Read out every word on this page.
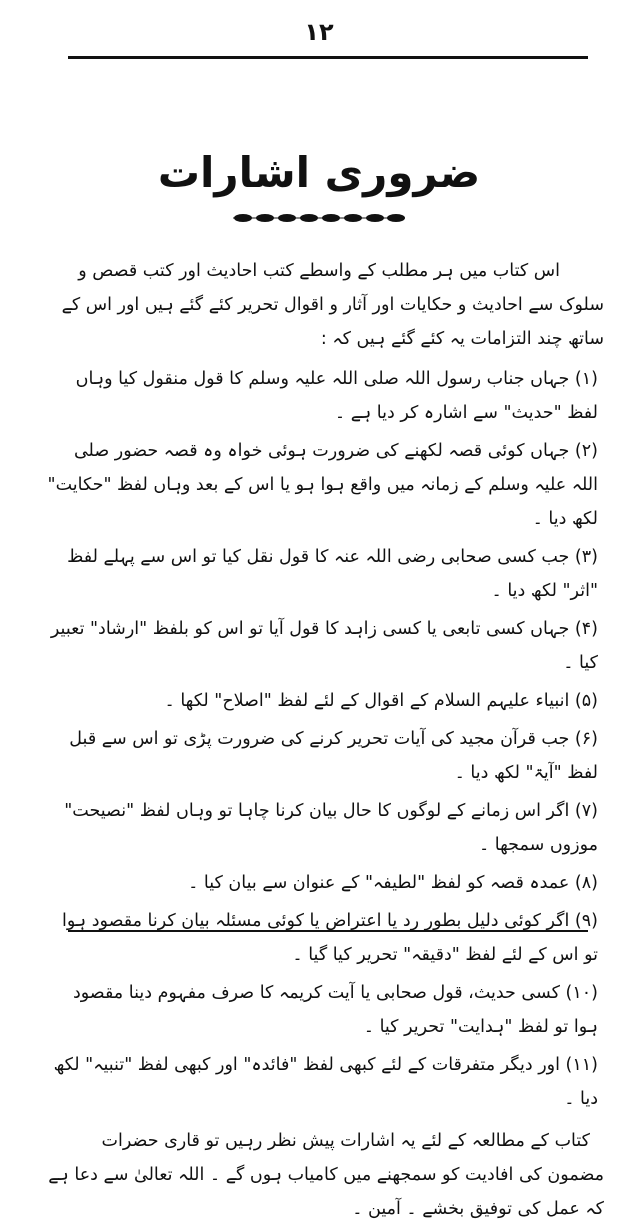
۱۲
ضروری اشارات

اس کتاب میں ہر مطلب کے واسطے کتب احادیث اور کتب قصص و سلوک سے احادیث و حکایات اور آثار و اقوال تحریر کئے گئے ہیں اور اس کے ساتھ چند التزامات یہ کئے گئے ہیں کہ :

(۱) جہاں جناب رسول اللہ صلی اللہ علیہ وسلم کا قول منقول کیا وہاں لفظ "حدیث" سے اشارہ کر دیا ہے ۔

(۲) جہاں کوئی قصہ لکھنے کی ضرورت ہوئی خواہ وہ قصہ حضور صلی اللہ علیہ وسلم کے زمانہ میں واقع ہوا ہو یا اس کے بعد وہاں لفظ "حکایت" لکھ دیا ۔

(۳) جب کسی صحابی رضی اللہ عنہ کا قول نقل کیا تو اس سے پہلے لفظ "اثر" لکھ دیا ۔

(۴) جہاں کسی تابعی یا کسی زاہد کا قول آیا تو اس کو بلفظ "ارشاد" تعبیر کیا ۔

(۵) انبیاء علیہم السلام کے اقوال کے لئے لفظ "اصلاح" لکھا ۔

(۶) جب قرآن مجید کی آیات تحریر کرنے کی ضرورت پڑی تو اس سے قبل لفظ "آیۃ" لکھ دیا ۔

(۷) اگر اس زمانے کے لوگوں کا حال بیان کرنا چاہا تو وہاں لفظ "نصیحت" موزوں سمجھا ۔

(۸) عمدہ قصہ کو لفظ "لطیفہ" کے عنوان سے بیان کیا ۔

(۹) اگر کوئی دلیل بطور رد یا اعتراض یا کوئی مسئلہ بیان کرنا مقصود ہوا تو اس کے لئے لفظ "دقیقہ" تحریر کیا گیا ۔

(۱۰) کسی حدیث، قول صحابی یا آیت کریمہ کا صرف مفہوم دینا مقصود ہوا تو لفظ "ہدایت" تحریر کیا ۔

(۱۱) اور دیگر متفرقات کے لئے کبھی لفظ "فائدہ" اور کبھی لفظ "تنبیہ" لکھ دیا ۔

کتاب کے مطالعہ کے لئے یہ اشارات پیش نظر رہیں تو قاری حضرات مضمون کی افادیت کو سمجھنے میں کامیاب ہوں گے ۔ اللہ تعالیٰ سے دعا ہے کہ عمل کی توفیق بخشے ۔ آمین ۔
